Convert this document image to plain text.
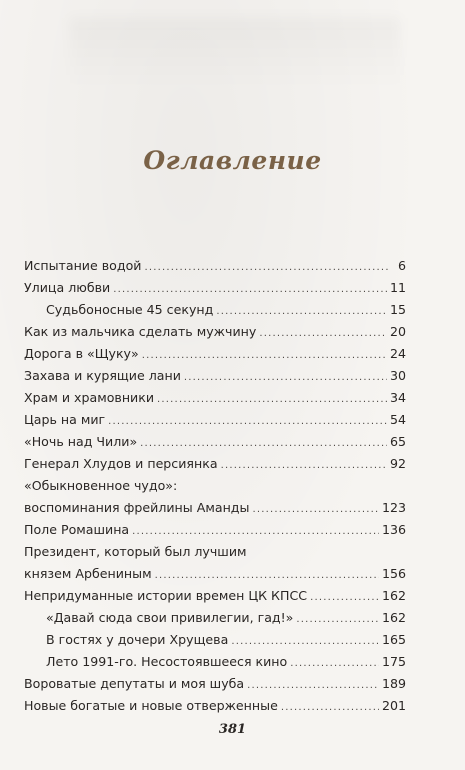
Оглавление
Испытание водой .....	6
Улица любви .....	11
Судьбоносные 45 секунд .....	15
Как из мальчика сделать мужчину .....	20
Дорога в «Щуку» .....	24
Захава и курящие лани .....	30
Храм и храмовники .....	34
Царь на миг .....	54
«Ночь над Чили» .....	65
Генерал Хлудов и персиянка .....	92
«Обыкновенное чудо»:
воспоминания фрейлины Аманды .....	123
Поле Ромашина .....	136
Президент, который был лучшим
князем Арбениным .....	156
Непридуманные истории времен ЦК КПСС .....	162
«Давай сюда свои привилегии, гад!» .....	162
В гостях у дочери Хрущева .....	165
Лето 1991-го. Несостоявшееся кино .....	175
Вороватые депутаты и моя шуба .....	189
Новые богатые и новые отверженные .....	201
381
